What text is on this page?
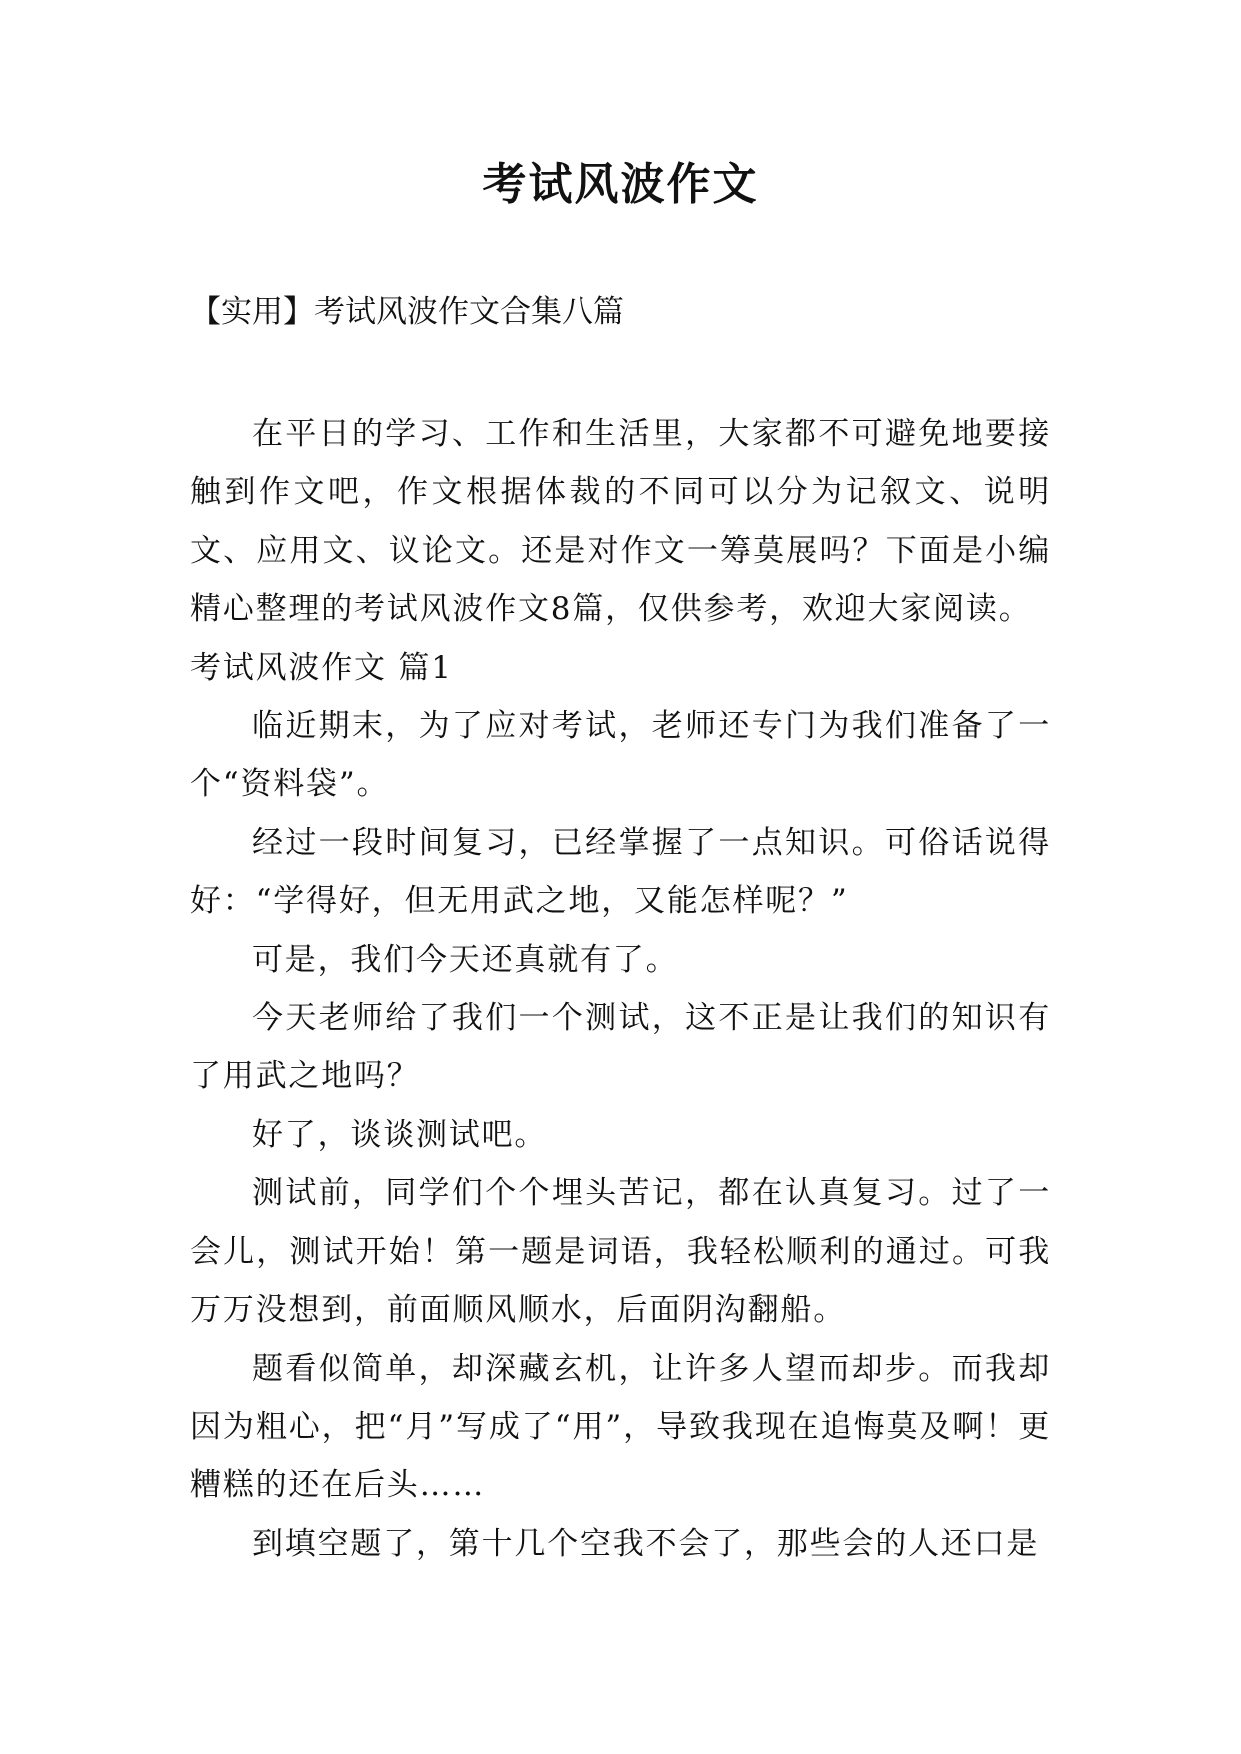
考试风波作文
【实用】考试风波作文合集八篇

在平日的学习、工作和生活里，大家都不可避免地要接触到作文吧，作文根据体裁的不同可以分为记叙文、说明文、应用文、议论文。还是对作文一筹莫展吗？下面是小编精心整理的考试风波作文8篇，仅供参考，欢迎大家阅读。

考试风波作文 篇1

临近期末，为了应对考试，老师还专门为我们准备了一个“资料袋”。

经过一段时间复习，已经掌握了一点知识。可俗话说得好：“学得好，但无用武之地，又能怎样呢？”

可是，我们今天还真就有了。

今天老师给了我们一个测试，这不正是让我们的知识有了用武之地吗？

好了，谈谈测试吧。

测试前，同学们个个埋头苦记，都在认真复习。过了一会儿，测试开始！第一题是词语，我轻松顺利的通过。可我万万没想到，前面顺风顺水，后面阴沟翻船。

题看似简单，却深藏玄机，让许多人望而却步。而我却因为粗心，把“月”写成了“用”，导致我现在追悔莫及啊！更糟糕的还在后头……

到填空题了，第十几个空我不会了，那些会的人还口是
